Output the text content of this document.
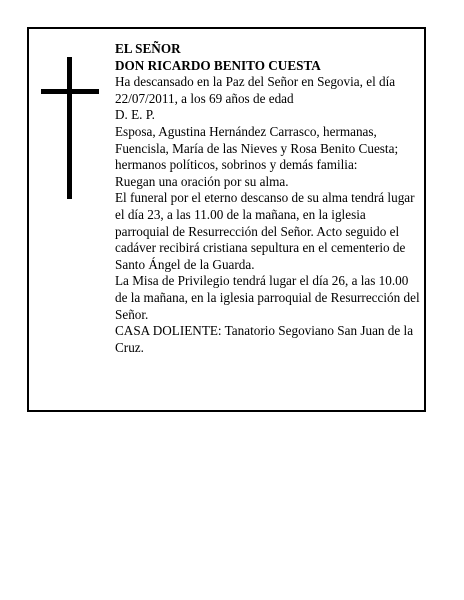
EL SEÑOR

DON RICARDO BENITO CUESTA

Ha descansado en la Paz del Señor en Segovia, el día 22/07/2011, a los 69 años de edad

D. E. P.

Esposa, Agustina Hernández Carrasco, hermanas, Fuencisla, María de las Nieves y Rosa Benito Cuesta; hermanos políticos, sobrinos y demás familia:

Ruegan una oración por su alma.

El funeral por el eterno descanso de su alma tendrá lugar el día 23, a las 11.00 de la mañana, en la iglesia parroquial de Resurrección del Señor. Acto seguido el cadáver recibirá cristiana sepultura en el cementerio de Santo Ángel de la Guarda.

La Misa de Privilegio tendrá lugar el día 26, a las 10.00 de la mañana, en la iglesia parroquial de Resurrección del Señor.

CASA DOLIENTE: Tanatorio Segoviano San Juan de la Cruz.
